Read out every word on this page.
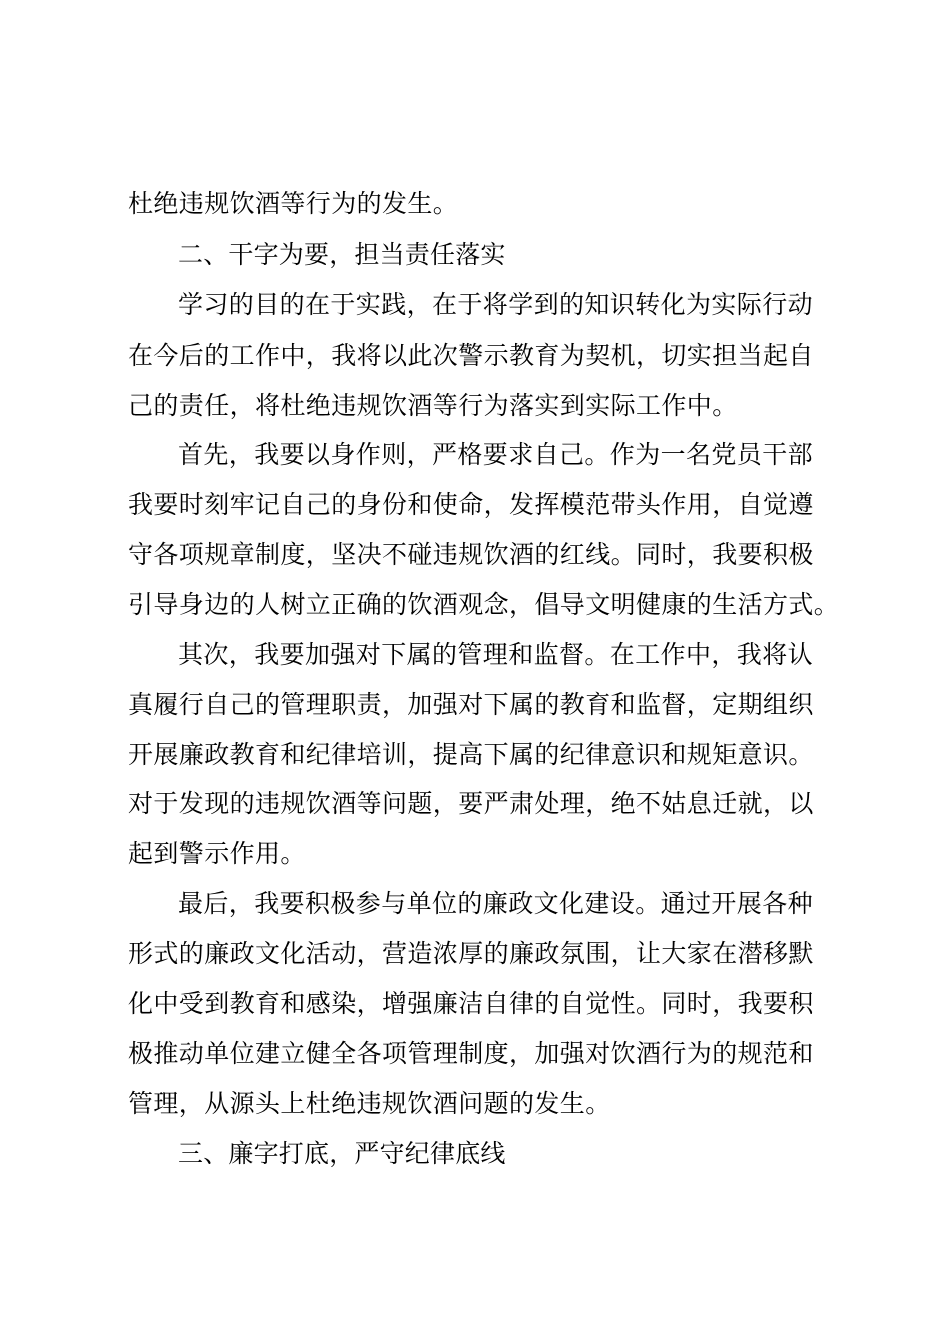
杜绝违规饮酒等行为的发生。
二、干字为要，担当责任落实
学习的目的在于实践，在于将学到的知识转化为实际行动
在今后的工作中，我将以此次警示教育为契机，切实担当起自
己的责任，将杜绝违规饮酒等行为落实到实际工作中。
首先，我要以身作则，严格要求自己。作为一名党员干部
我要时刻牢记自己的身份和使命，发挥模范带头作用，自觉遵
守各项规章制度，坚决不碰违规饮酒的红线。同时，我要积极
引导身边的人树立正确的饮酒观念，倡导文明健康的生活方式。
其次，我要加强对下属的管理和监督。在工作中，我将认
真履行自己的管理职责，加强对下属的教育和监督，定期组织
开展廉政教育和纪律培训，提高下属的纪律意识和规矩意识。
对于发现的违规饮酒等问题，要严肃处理，绝不姑息迁就，以
起到警示作用。
最后，我要积极参与单位的廉政文化建设。通过开展各种
形式的廉政文化活动，营造浓厚的廉政氛围，让大家在潜移默
化中受到教育和感染，增强廉洁自律的自觉性。同时，我要积
极推动单位建立健全各项管理制度，加强对饮酒行为的规范和
管理，从源头上杜绝违规饮酒问题的发生。
三、廉字打底，严守纪律底线
